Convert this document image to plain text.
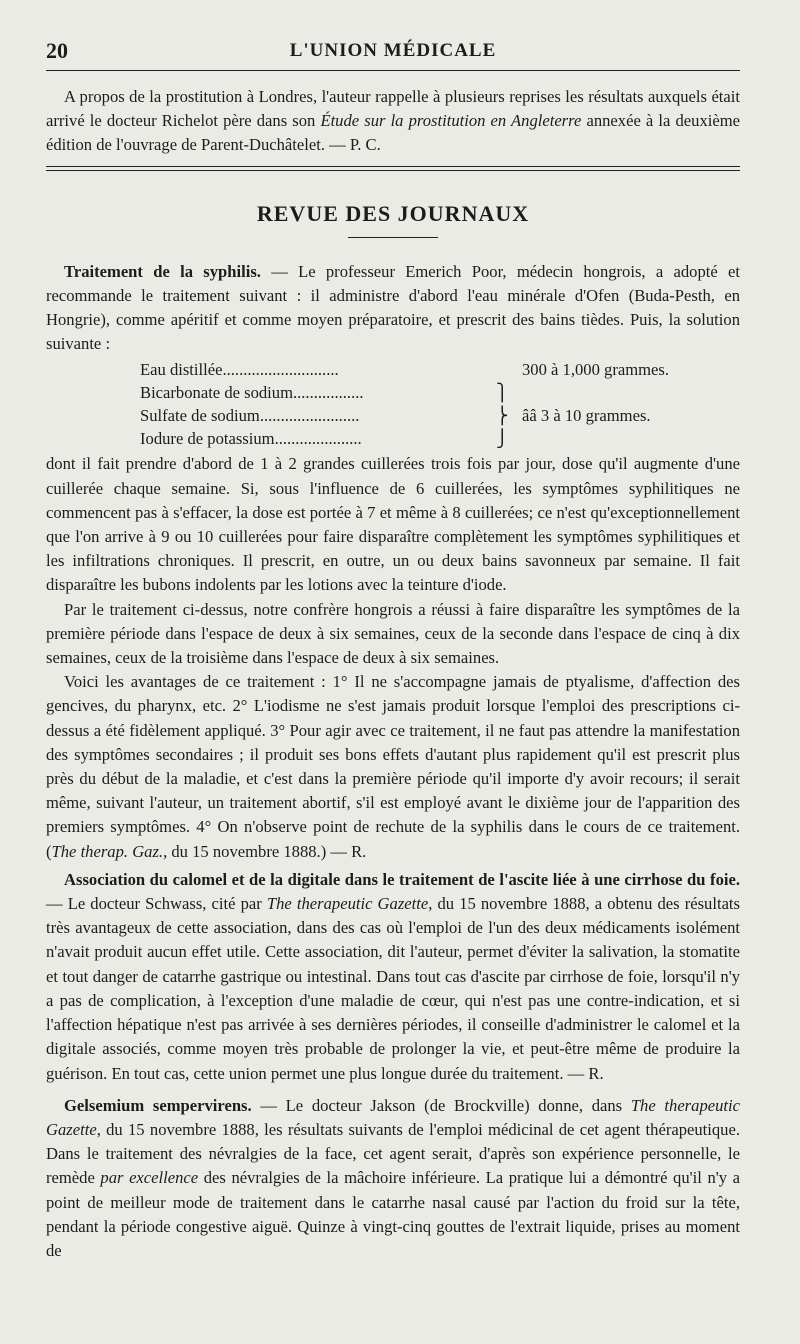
20	L'UNION MÉDICALE

A propos de la prostitution à Londres, l'auteur rappelle à plusieurs reprises les résultats auxquels était arrivé le docteur Richelot père dans son Étude sur la prostitution en Angleterre annexée à la deuxième édition de l'ouvrage de Parent-Duchâtelet. — P. C.

REVUE DES JOURNAUX

Traitement de la syphilis. — Le professeur Emerich Poor, médecin hongrois, a adopté et recommande le traitement suivant : il administre d'abord l'eau minérale d'Ofen (Buda-Pesth, en Hongrie), comme apéritif et comme moyen préparatoire, et prescrit des bains tièdes. Puis, la solution suivante :

Eau distillée............................	300 à 1,000 grammes.
Bicarbonate de sodium.................	⎫
Sulfate de sodium........................	⎬ ââ 3 à 10 grammes.
Iodure de potassium.....................	⎭

dont il fait prendre d'abord de 1 à 2 grandes cuillerées trois fois par jour, dose qu'il augmente d'une cuillerée chaque semaine. Si, sous l'influence de 6 cuillerées, les symptômes syphilitiques ne commencent pas à s'effacer, la dose est portée à 7 et même à 8 cuillerées; ce n'est qu'exceptionnellement que l'on arrive à 9 ou 10 cuillerées pour faire disparaître complètement les symptômes syphilitiques et les infiltrations chroniques. Il prescrit, en outre, un ou deux bains savonneux par semaine. Il fait disparaître les bubons indolents par les lotions avec la teinture d'iode.

Par le traitement ci-dessus, notre confrère hongrois a réussi à faire disparaître les symptômes de la première période dans l'espace de deux à six semaines, ceux de la seconde dans l'espace de cinq à dix semaines, ceux de la troisième dans l'espace de deux à six semaines.

Voici les avantages de ce traitement : 1° Il ne s'accompagne jamais de ptyalisme, d'affection des gencives, du pharynx, etc. 2° L'iodisme ne s'est jamais produit lorsque l'emploi des prescriptions ci-dessus a été fidèlement appliqué. 3° Pour agir avec ce traitement, il ne faut pas attendre la manifestation des symptômes secondaires ; il produit ses bons effets d'autant plus rapidement qu'il est prescrit plus près du début de la maladie, et c'est dans la première période qu'il importe d'y avoir recours; il serait même, suivant l'auteur, un traitement abortif, s'il est employé avant le dixième jour de l'apparition des premiers symptômes. 4° On n'observe point de rechute de la syphilis dans le cours de ce traitement. (The therap. Gaz., du 15 novembre 1888.) — R.

Association du calomel et de la digitale dans le traitement de l'ascite liée à une cirrhose du foie. — Le docteur Schwass, cité par The therapeutic Gazette, du 15 novembre 1888, a obtenu des résultats très avantageux de cette association, dans des cas où l'emploi de l'un des deux médicaments isolément n'avait produit aucun effet utile. Cette association, dit l'auteur, permet d'éviter la salivation, la stomatite et tout danger de catarrhe gastrique ou intestinal. Dans tout cas d'ascite par cirrhose de foie, lorsqu'il n'y a pas de complication, à l'exception d'une maladie de cœur, qui n'est pas une contre-indication, et si l'affection hépatique n'est pas arrivée à ses dernières périodes, il conseille d'administrer le calomel et la digitale associés, comme moyen très probable de prolonger la vie, et peut-être même de produire la guérison. En tout cas, cette union permet une plus longue durée du traitement. — R.

Gelsemium sempervirens. — Le docteur Jakson (de Brockville) donne, dans The therapeutic Gazette, du 15 novembre 1888, les résultats suivants de l'emploi médicinal de cet agent thérapeutique. Dans le traitement des névralgies de la face, cet agent serait, d'après son expérience personnelle, le remède par excellence des névralgies de la mâchoire inférieure. La pratique lui a démontré qu'il n'y a point de meilleur mode de traitement dans le catarrhe nasal causé par l'action du froid sur la tête, pendant la période congestive aiguë. Quinze à vingt-cinq gouttes de l'extrait liquide, prises au moment de
